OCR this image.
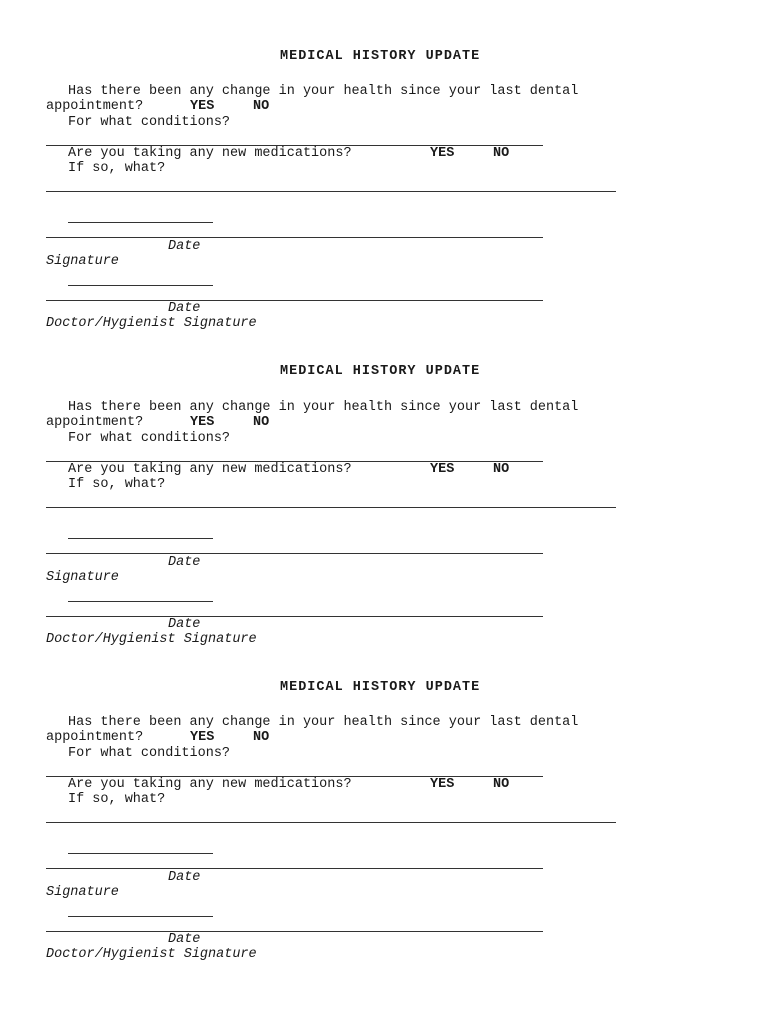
MEDICAL HISTORY UPDATE
Has there been any change in your health since your last dental
appointment?	YES	NO
For what conditions?
Are you taking any new medications?	YES	NO
If so, what?
Date
Signature
Date
Doctor/Hygienist Signature
MEDICAL HISTORY UPDATE
Has there been any change in your health since your last dental
appointment?	YES	NO
For what conditions?
Are you taking any new medications?	YES	NO
If so, what?
Date
Signature
Date
Doctor/Hygienist Signature
MEDICAL HISTORY UPDATE
Has there been any change in your health since your last dental
appointment?	YES	NO
For what conditions?
Are you taking any new medications?	YES	NO
If so, what?
Date
Signature
Date
Doctor/Hygienist Signature
